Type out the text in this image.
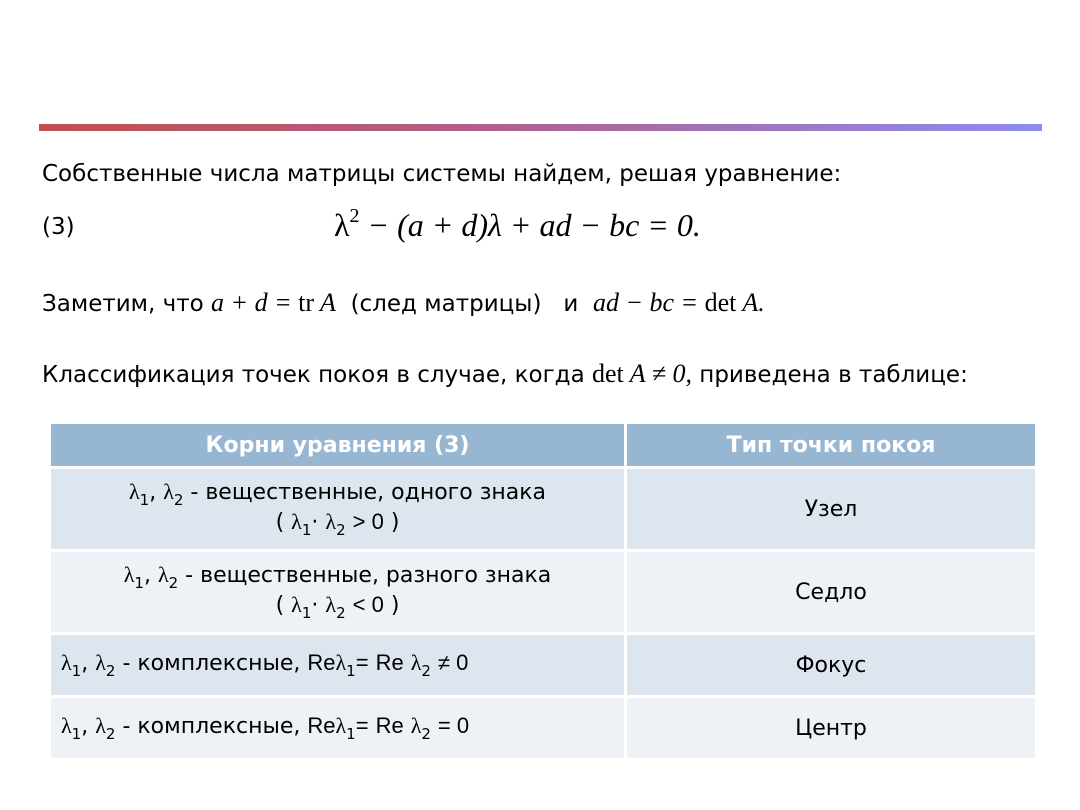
Собственные числа матрицы системы найдем, решая уравнение:
(3)	$\lambda^2 - (a + d)\lambda$ + ad − bc = 0.
Заметим, что a + d = tr A (след матрицы) и ad − bc = det A.
Классификация точек покоя в случае, когда det A ≠ 0, приведена в таблице:
Корни уравнения (3)	Тип точки покоя

$\lambda_1$, $\lambda_2$ - вещественные, одного знака
( $\lambda_1\cdot \lambda_2 > 0$ )	Узел

$\lambda_1$, $\lambda_2$ - вещественные, разного знака
( $\lambda_1\cdot \lambda_2 < 0$ )	Седло
$\lambda_1$, $\lambda_2$ - комплексные, Reλ$_1$= Re $\lambda_2 \ne 0$	Фокус
$\lambda_1$, $\lambda_2$ - комплексные, Reλ$_1$= Re $\lambda_2 = 0$	Центр
